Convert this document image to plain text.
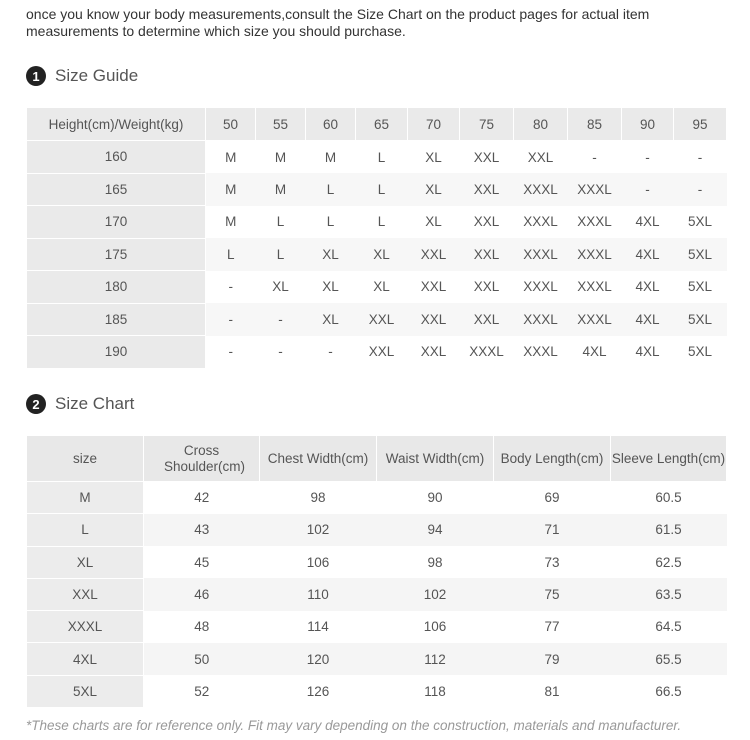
once you know your body measurements,consult the Size Chart on the product pages for actual item measurements to determine which size you should purchase.

1 Size Guide
Height(cm)/Weight(kg)	50	55	60	65	70	75	80	85	90	95
160	M	M	M	L	XL	XXL	XXL	-	-	-
165	M	M	L	L	XL	XXL	XXXL	XXXL	-	-
170	M	L	L	L	XL	XXL	XXXL	XXXL	4XL	5XL
175	L	L	XL	XL	XXL	XXL	XXXL	XXXL	4XL	5XL
180	-	XL	XL	XL	XXL	XXL	XXXL	XXXL	4XL	5XL
185	-	-	XL	XXL	XXL	XXL	XXXL	XXXL	4XL	5XL
190	-	-	-	XXL	XXL	XXXL	XXXL	4XL	4XL	5XL
2 Size Chart
size	Cross Shoulder(cm)	Chest Width(cm)	Waist Width(cm)	Body Length(cm)	Sleeve Length(cm)
M	42	98	90	69	60.5
L	43	102	94	71	61.5
XL	45	106	98	73	62.5
XXL	46	110	102	75	63.5
XXXL	48	114	106	77	64.5
4XL	50	120	112	79	65.5
5XL	52	126	118	81	66.5

*These charts are for reference only. Fit may vary depending on the construction, materials and manufacturer.
